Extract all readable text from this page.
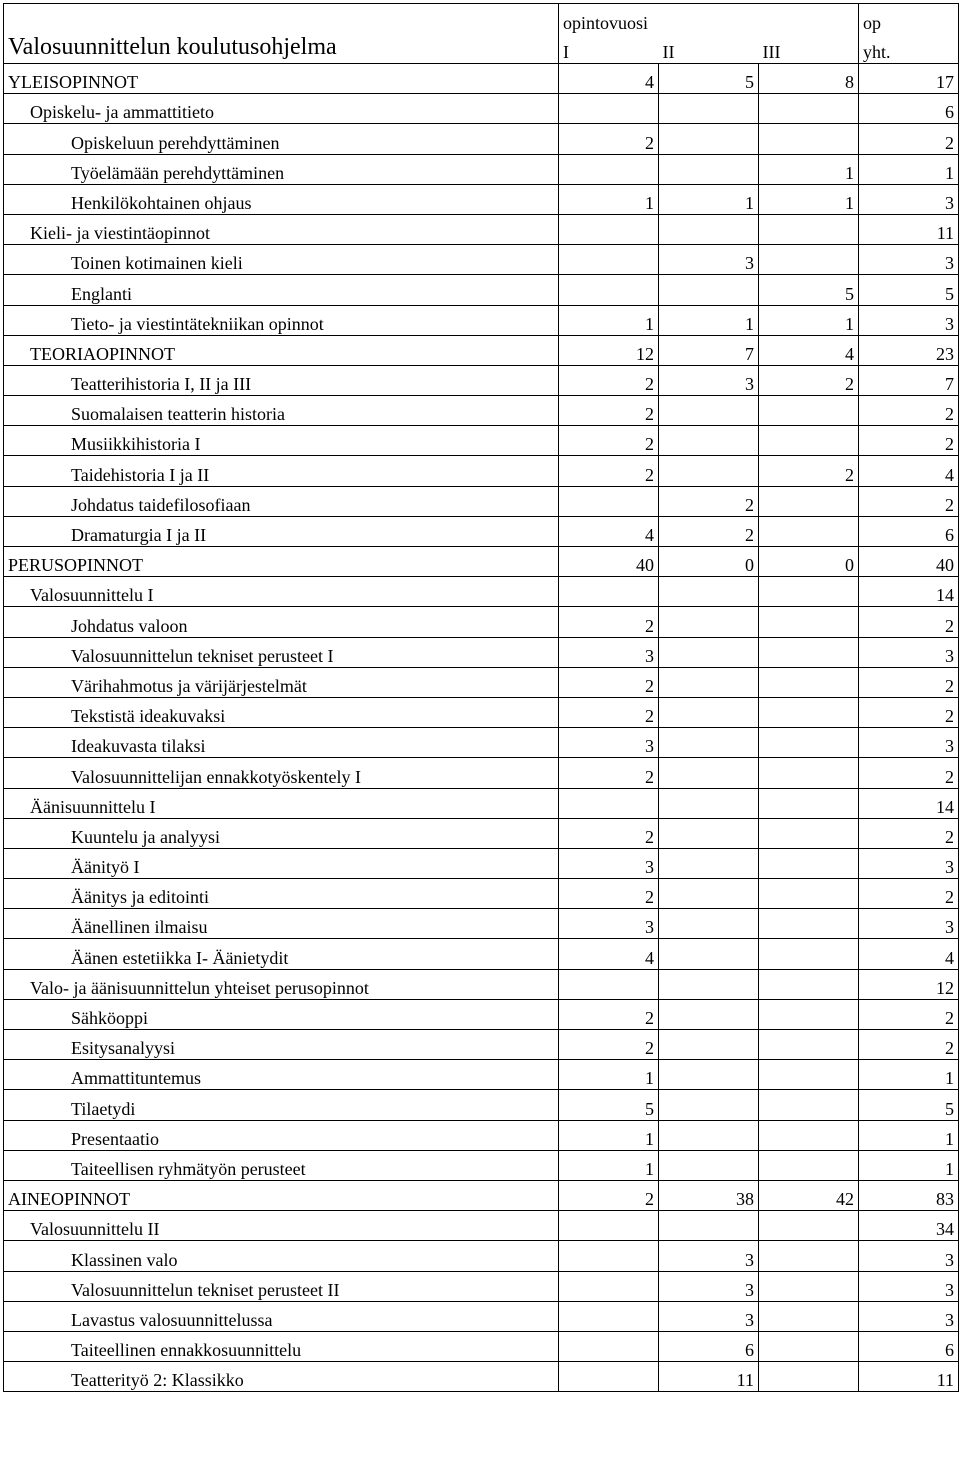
Valosuunnittelun koulutusohjelma	opintovuosi			op
	I	II	III	yht.
YLEISOPINNOT	4	5	8	17
Opiskelu- ja ammattitieto				6
Opiskeluun perehdyttäminen	2			2
Työelämään perehdyttäminen			1	1
Henkilökohtainen ohjaus	1	1	1	3
Kieli- ja viestintäopinnot				11
Toinen kotimainen kieli		3		3
Englanti			5	5
Tieto- ja viestintätekniikan opinnot	1	1	1	3
TEORIAOPINNOT	12	7	4	23
Teatterihistoria I, II ja III	2	3	2	7
Suomalaisen teatterin historia	2			2
Musiikkihistoria I	2			2
Taidehistoria I ja II	2		2	4
Johdatus taidefilosofiaan		2		2
Dramaturgia I ja II	4	2		6
PERUSOPINNOT	40	0	0	40
Valosuunnittelu I				14
Johdatus valoon	2			2
Valosuunnittelun tekniset perusteet I	3			3
Värihahmotus ja värijärjestelmät	2			2
Tekstistä ideakuvaksi	2			2
Ideakuvasta tilaksi	3			3
Valosuunnittelijan ennakkotyöskentely I	2			2
Äänisuunnittelu I				14
Kuuntelu ja analyysi	2			2
Äänityö I	3			3
Äänitys ja editointi	2			2
Äänellinen ilmaisu	3			3
Äänen estetiikka I- Äänietydit	4			4
Valo- ja äänisuunnittelun yhteiset perusopinnot				12
Sähköoppi	2			2
Esitysanalyysi	2			2
Ammattituntemus	1			1
Tilaetydi	5			5
Presentaatio	1			1
Taiteellisen ryhmätyön perusteet	1			1
AINEOPINNOT	2	38	42	83
Valosuunnittelu II				34
Klassinen valo		3		3
Valosuunnittelun tekniset perusteet II		3		3
Lavastus valosuunnittelussa		3		3
Taiteellinen ennakkosuunnittelu		6		6
Teatterityö 2: Klassikko		11		11
